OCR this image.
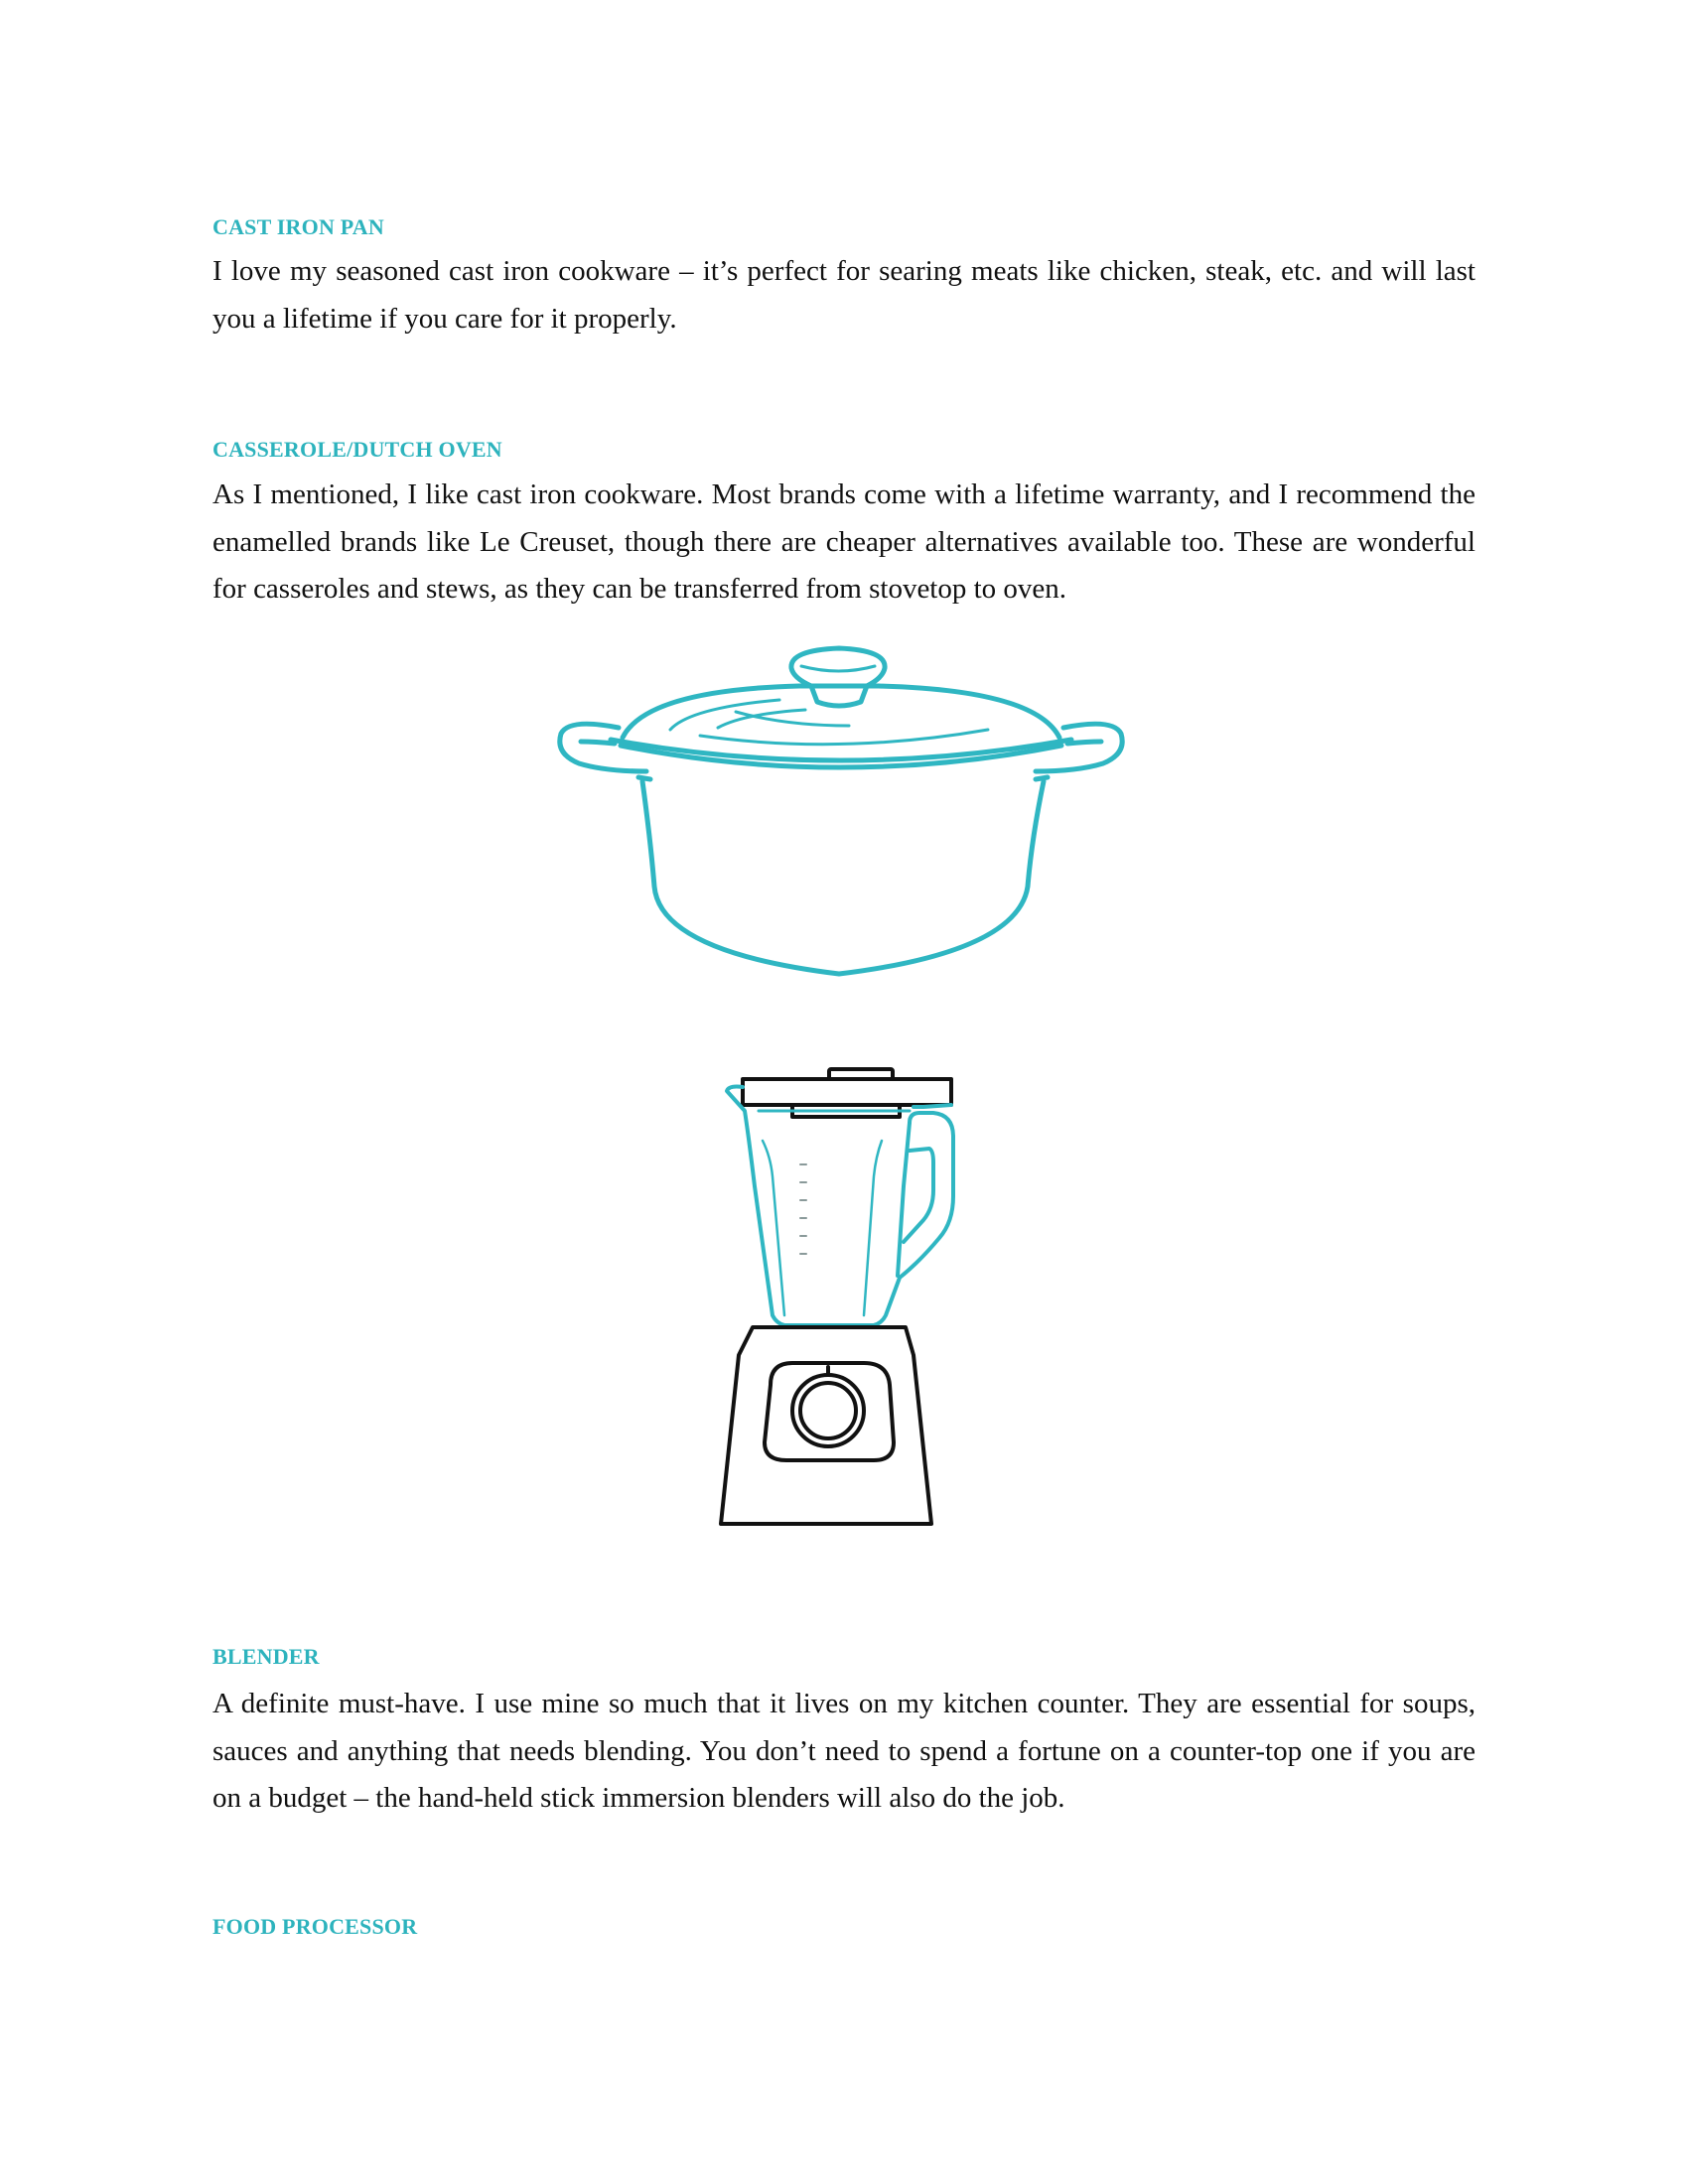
CAST IRON PAN

I love my seasoned cast iron cookware – it’s perfect for searing meats like chicken, steak, etc. and will last you a lifetime if you care for it properly.

CASSEROLE/DUTCH OVEN

As I mentioned, I like cast iron cookware. Most brands come with a lifetime warranty, and I recommend the enamelled brands like Le Creuset, though there are cheaper alternatives available too. These are wonderful for casseroles and stews, as they can be transferred from stovetop to oven.

BLENDER

A definite must-have. I use mine so much that it lives on my kitchen counter. They are essential for soups, sauces and anything that needs blending. You don’t need to spend a fortune on a counter-top one if you are on a budget – the hand-held stick immersion blenders will also do the job.

FOOD PROCESSOR
